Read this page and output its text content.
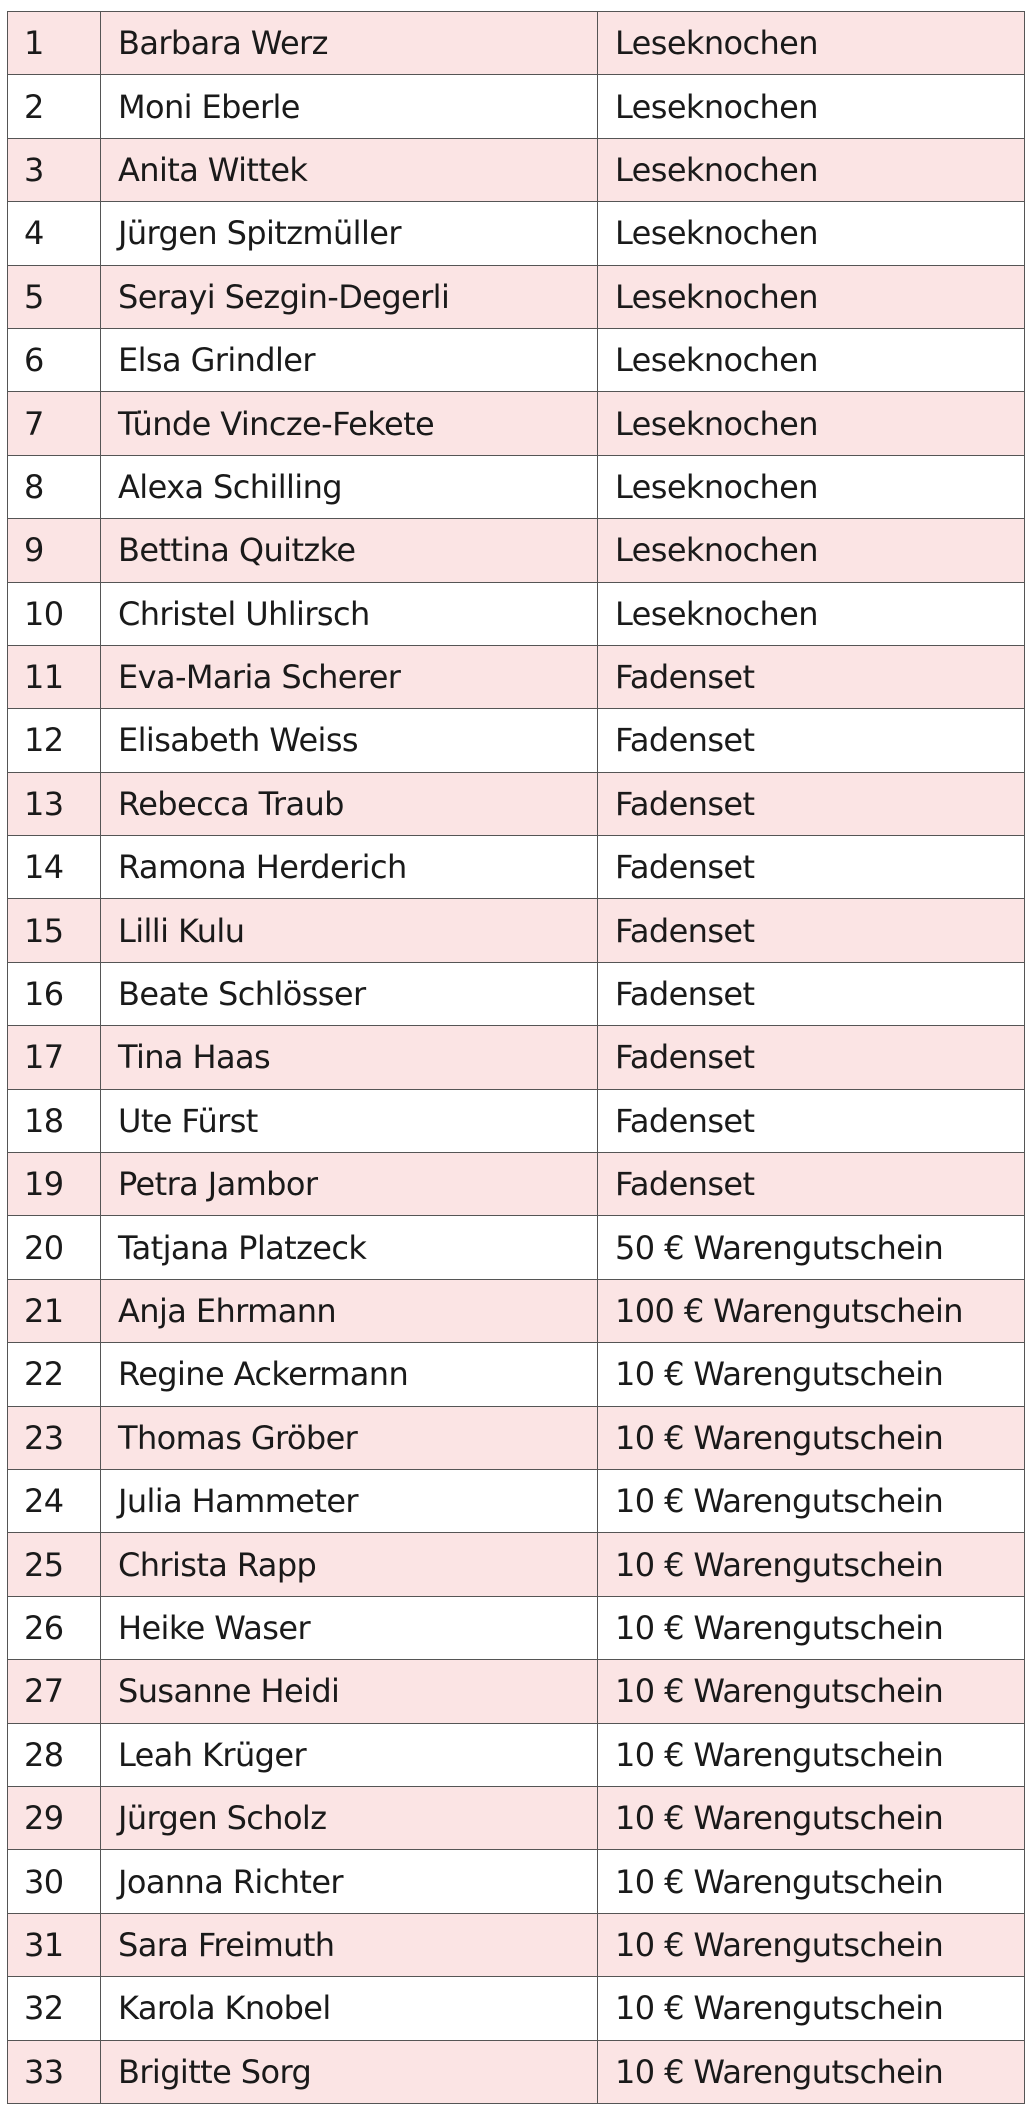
1	Barbara Werz	Leseknochen
2	Moni Eberle	Leseknochen
3	Anita Wittek	Leseknochen
4	Jürgen Spitzmüller	Leseknochen
5	Serayi Sezgin-Degerli	Leseknochen
6	Elsa Grindler	Leseknochen
7	Tünde Vincze-Fekete	Leseknochen
8	Alexa Schilling	Leseknochen
9	Bettina Quitzke	Leseknochen
10	Christel Uhlirsch	Leseknochen
11	Eva-Maria Scherer	Fadenset
12	Elisabeth Weiss	Fadenset
13	Rebecca Traub	Fadenset
14	Ramona Herderich	Fadenset
15	Lilli Kulu	Fadenset
16	Beate Schlösser	Fadenset
17	Tina Haas	Fadenset
18	Ute Fürst	Fadenset
19	Petra Jambor	Fadenset
20	Tatjana Platzeck	50 € Warengutschein
21	Anja Ehrmann	100 € Warengutschein
22	Regine Ackermann	10 € Warengutschein
23	Thomas Gröber	10 € Warengutschein
24	Julia Hammeter	10 € Warengutschein
25	Christa Rapp	10 € Warengutschein
26	Heike Waser	10 € Warengutschein
27	Susanne Heidi	10 € Warengutschein
28	Leah Krüger	10 € Warengutschein
29	Jürgen Scholz	10 € Warengutschein
30	Joanna Richter	10 € Warengutschein
31	Sara Freimuth	10 € Warengutschein
32	Karola Knobel	10 € Warengutschein
33	Brigitte Sorg	10 € Warengutschein
